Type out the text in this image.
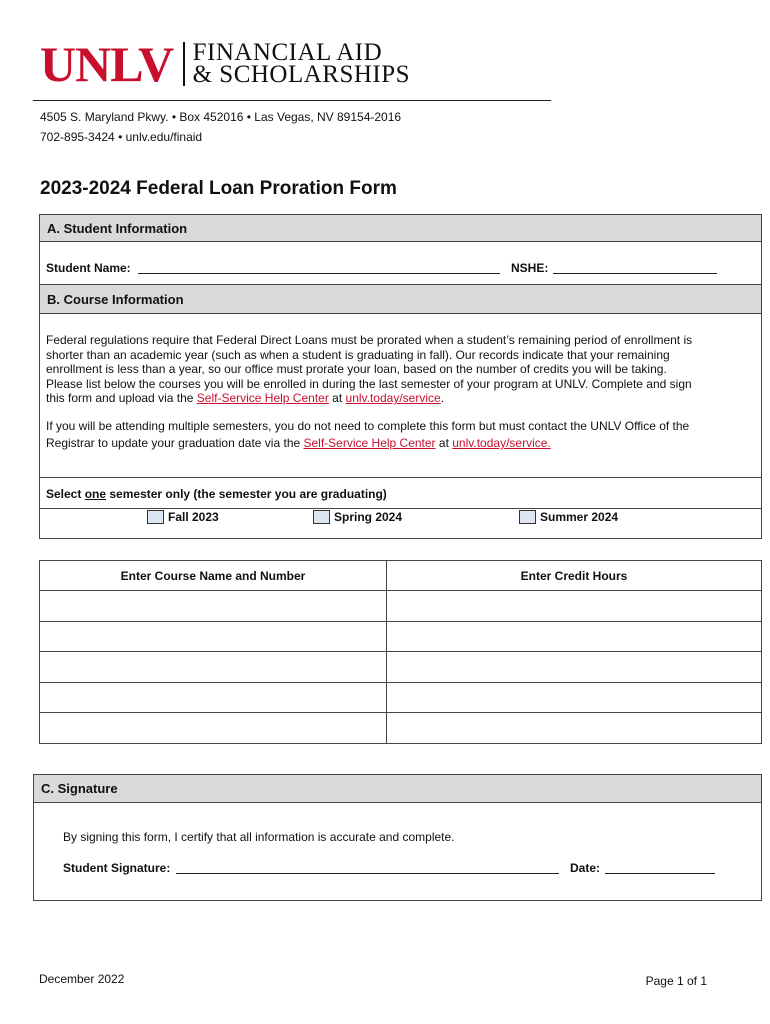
UNLV FINANCIAL AID
& SCHOLARSHIPS
4505 S. Maryland Pkwy. • Box 452016 • Las Vegas, NV 89154-2016
702-895-3424 • unlv.edu/finaid
2023-2024 Federal Loan Proration Form
A. Student Information
Student Name:	NSHE:
B. Course Information
Federal regulations require that Federal Direct Loans must be prorated when a student’s remaining period of enrollment is
shorter than an academic year (such as when a student is graduating in fall). Our records indicate that your remaining
enrollment is less than a year, so our office must prorate your loan, based on the number of credits you will be taking.
Please list below the courses you will be enrolled in during the last semester of your program at UNLV. Complete and sign
this form and upload via the Self-Service Help Center at unlv.today/service.
If you will be attending multiple semesters, you do not need to complete this form but must contact the UNLV Office of the
Registrar to update your graduation date via the Self-Service Help Center at unlv.today/service.
Select one semester only (the semester you are graduating)
Fall 2023	Spring 2024	Summer 2024
Enter Course Name and Number	Enter Credit Hours

C. Signature
By signing this form, I certify that all information is accurate and complete.
Student Signature:	Date:
December 2022	Page 1 of 1
